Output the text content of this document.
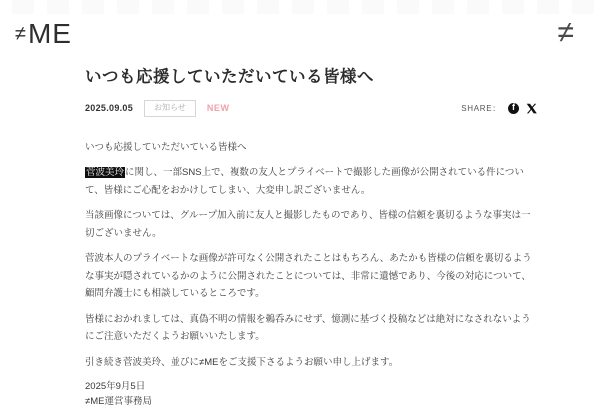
≠ME	≠
いつも応援していただいている皆様へ
2025.09.05	お知らせ	NEW	SHARE：	f

いつも応援していただいている皆様へ

菅波美玲に関し、一部SNS上で、複数の友人とプライベートで撮影した画像が公開されている件について、皆様にご心配をおかけしてしまい、大変申し訳ございません。

当該画像については、グループ加入前に友人と撮影したものであり、皆様の信頼を裏切るような事実は一切ございません。

菅波本人のプライベートな画像が許可なく公開されたことはもちろん、あたかも皆様の信頼を裏切るような事実が隠されているかのように公開されたことについては、非常に遺憾であり、今後の対応について、顧問弁護士にも相談しているところです。

皆様におかれましては、真偽不明の情報を鵜呑みにせず、憶測に基づく投稿などは絶対になされないようにご注意いただくようお願いいたします。

引き続き菅波美玲、並びに≠MEをご支援下さるようお願い申し上げます。

2025年9月5日
≠ME運営事務局
